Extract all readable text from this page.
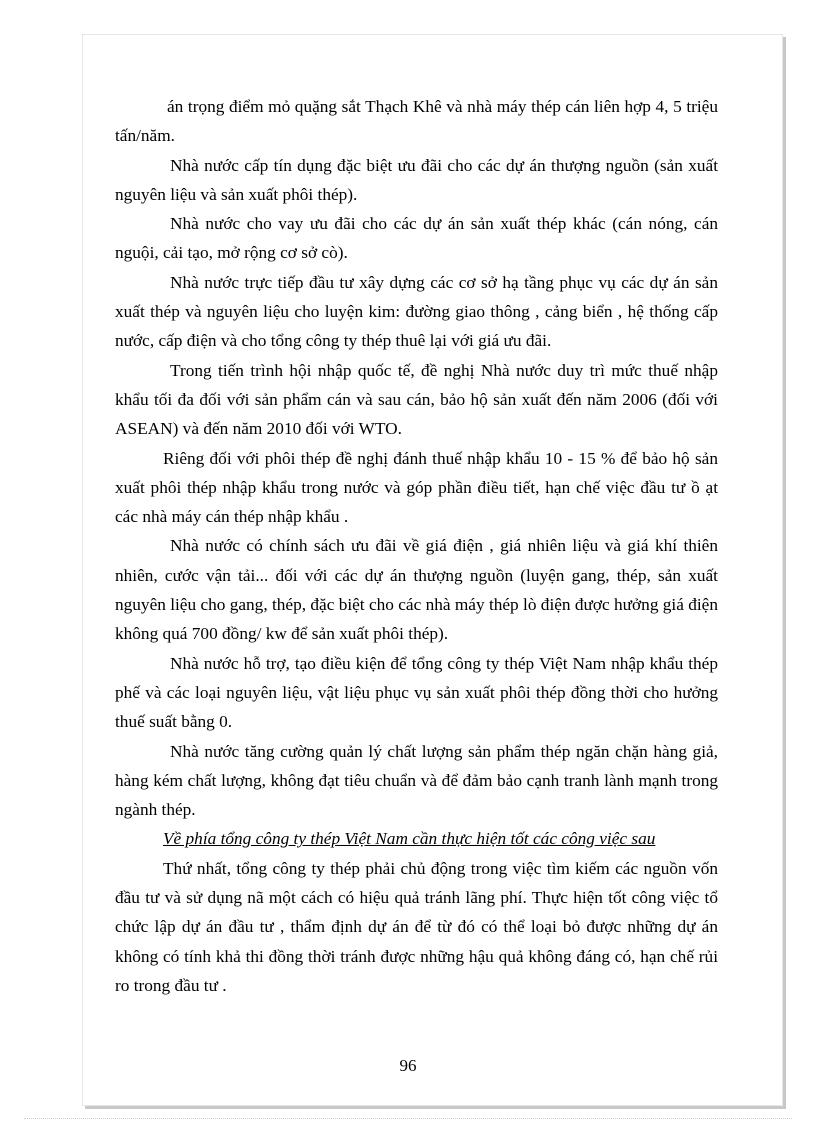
án trọng điểm mỏ quặng sắt Thạch Khê và nhà máy thép cán liên hợp 4, 5 triệu tấn/năm.

Nhà nước cấp tín dụng đặc biệt ưu đãi cho các dự án thượng nguồn (sản xuất nguyên liệu và sản xuất phôi thép).

Nhà nước cho vay ưu đãi cho các dự án sản xuất thép khác (cán nóng, cán nguội, cải tạo, mở rộng cơ sở cò).

Nhà nước trực tiếp đầu tư xây dựng các cơ sở hạ tầng phục vụ các dự án sản xuất thép và nguyên liệu cho luyện kim: đường giao thông , cảng biển , hệ thống cấp nước, cấp điện và cho tổng công ty thép thuê lại với giá ưu đãi.

Trong tiến trình hội nhập quốc tế, đề nghị Nhà nước duy trì mức thuế nhập khẩu tối đa đối với sản phẩm cán và sau cán, bảo hộ sản xuất đến năm 2006 (đối với ASEAN) và đến năm 2010 đối với WTO.

Riêng đối với phôi thép đề nghị đánh thuế nhập khẩu 10 - 15 % để bảo hộ sản xuất phôi thép nhập khẩu trong nước và góp phần điều tiết, hạn chế việc đầu tư ồ ạt các nhà máy cán thép nhập khẩu .

Nhà nước có chính sách ưu đãi về giá điện , giá nhiên liệu và giá khí thiên nhiên, cước vận tải... đối với các dự án thượng nguồn (luyện gang, thép, sản xuất nguyên liệu cho gang, thép, đặc biệt cho các nhà máy thép lò điện được hưởng giá điện không quá 700 đồng/ kw để sản xuất phôi thép).

Nhà nước hỗ trợ, tạo điều kiện để tổng công ty thép Việt Nam nhập khẩu thép phế và các loại nguyên liệu, vật liệu phục vụ sản xuất phôi thép đồng thời cho hưởng thuế suất bằng 0.

Nhà nước tăng cường quản lý chất lượng sản phẩm thép ngăn chặn hàng giả, hàng kém chất lượng, không đạt tiêu chuẩn và để đảm bảo cạnh tranh lành mạnh trong ngành thép.

Về phía tổng công ty thép Việt Nam cần thực hiện tốt các công việc sau

Thứ nhất, tổng công ty thép phải chủ động trong việc tìm kiếm các nguồn vốn đầu tư và sử dụng nã một cách có hiệu quả tránh lãng phí. Thực hiện tốt công việc tổ chức lập dự án đầu tư , thẩm định dự án để từ đó có thể loại bỏ được những dự án không có tính khả thi đồng thời tránh được những hậu quả không đáng có, hạn chế rủi ro trong đầu tư .

96
